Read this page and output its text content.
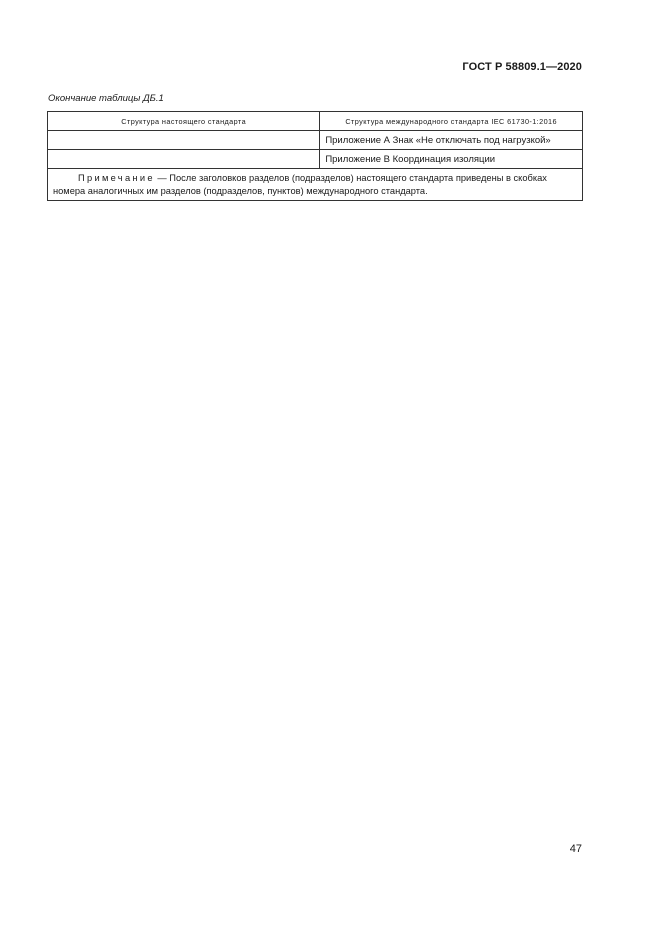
ГОСТ Р 58809.1—2020
Окончание таблицы ДБ.1
Структура настоящего стандарта	Структура международного стандарта IEC 61730-1:2016
	Приложение А Знак «Не отключать под нагрузкой»
	Приложение В Координация изоляции
Примечание — После заголовков разделов (подразделов) настоящего стандарта приведены в скобках номера аналогичных им разделов (подразделов, пунктов) международного стандарта.	
47
